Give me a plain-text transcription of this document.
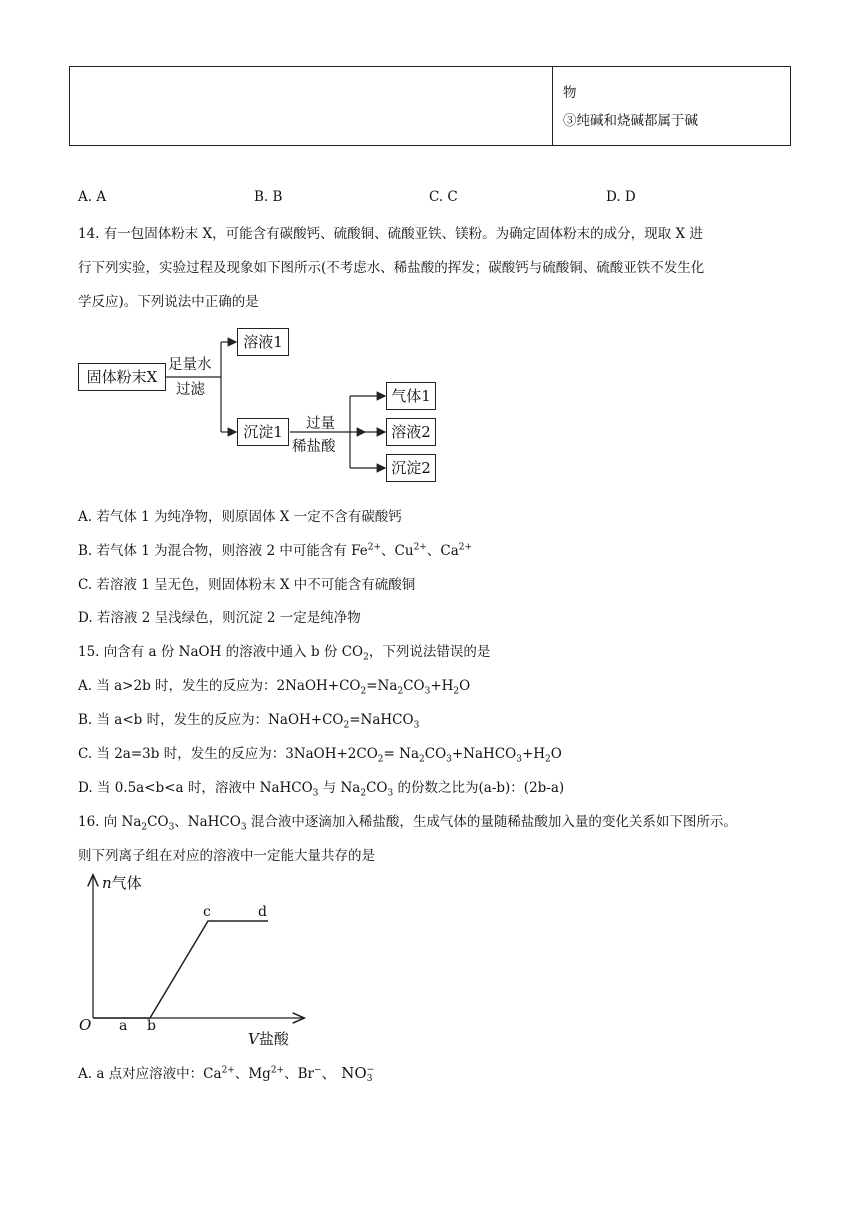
物
③纯碱和烧碱都属于碱
A. A	B. B	C. C	D. D
14. 有一包固体粉末 X，可能含有碳酸钙、硫酸铜、硫酸亚铁、镁粉。为确定固体粉末的成分，现取 X 进
行下列实验，实验过程及现象如下图所示(不考虑水、稀盐酸的挥发；碳酸钙与硫酸铜、硫酸亚铁不发生化
学反应)。下列说法中正确的是
固体粉末X
足量水
过滤
溶液1
沉淀1	过量
稀盐酸
气体1
溶液2
沉淀2
A. 若气体 1 为纯净物，则原固体 X 一定不含有碳酸钙
B. 若气体 1 为混合物，则溶液 2 中可能含有 $Fe^{2+}$、$Cu^{2+}$、$Ca^{2+}$
C. 若溶液 1 呈无色，则固体粉末 X 中不可能含有硫酸铜
D. 若溶液 2 呈浅绿色，则沉淀 2 一定是纯净物
15. 向含有 a 份 NaOH 的溶液中通入 b 份 $CO_2$，下列说法错误的是
A. 当 a>2b 时，发生的反应为：$2NaOH+CO_2=Na_2CO_3+H_2O$
B. 当 a<b 时，发生的反应为：$NaOH+CO_2=NaHCO_3$
C. 当 2a=3b 时，发生的反应为：$3NaOH+2CO_2=$ $Na_2CO_3+NaHCO_3+H_2O$
D. 当 0.5a<b<a 时，溶液中 NaHCO$_3$ 与 $Na_2CO_3$ 的份数之比为(a-b)：(2b-a)
16. 向 $Na_2CO_3$、NaHCO$_3$ 混合液中逐滴加入稀盐酸，生成气体的量随稀盐酸加入量的变化关系如下图所示。
则下列离子组在对应的溶液中一定能大量共存的是
n气体
O a b
c	d
V盐酸
A. a 点对应溶液中：$Ca^{2+}$、$Mg^{2+}$、Br−、 NO −
3
